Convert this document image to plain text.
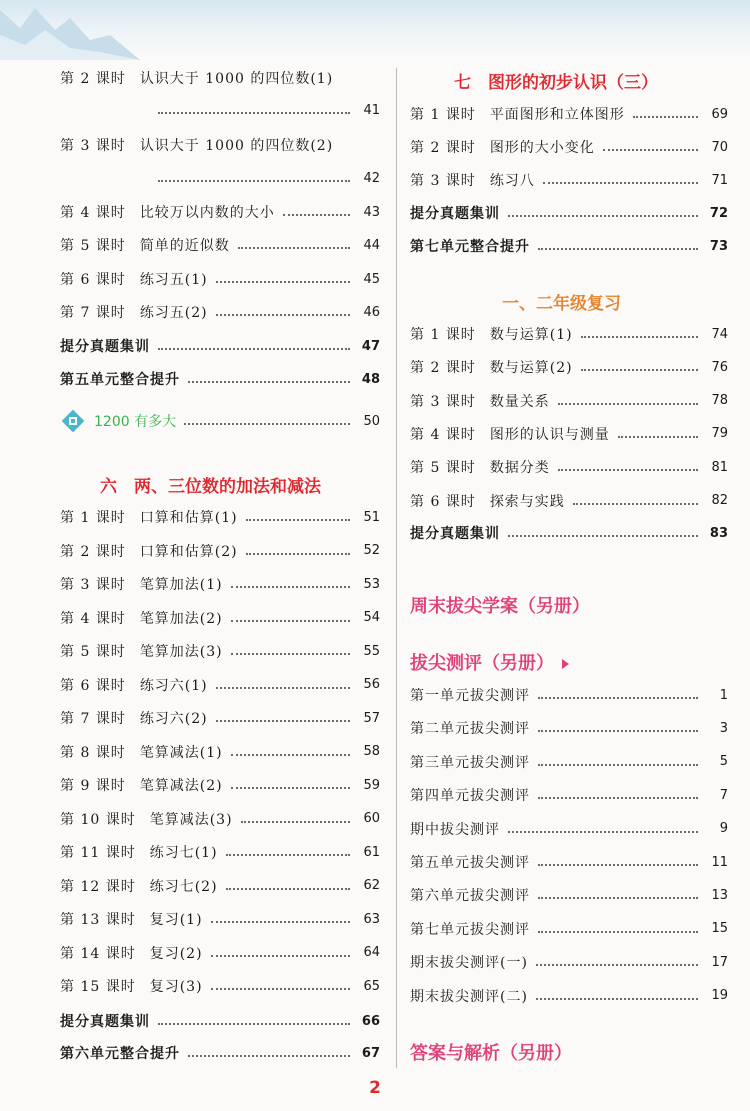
第 2 课时 认识大于 1000 的四位数(1)
41
第 3 课时 认识大于 1000 的四位数(2)
42
第 4 课时 比较万以内数的大小	43
第 5 课时 简单的近似数	44
第 6 课时 练习五(1)	45
第 7 课时 练习五(2)	46
提分真题集训	47
第五单元整合提升	48
1200 有多大	50
六　两、三位数的加法和减法
第 1 课时 口算和估算(1)	51
第 2 课时 口算和估算(2)	52
第 3 课时 笔算加法(1)	53
第 4 课时 笔算加法(2)	54
第 5 课时 笔算加法(3)	55
第 6 课时 练习六(1)	56
第 7 课时 练习六(2)	57
第 8 课时 笔算减法(1)	58
第 9 课时 笔算减法(2)	59
第 10 课时 笔算减法(3)	60
第 11 课时 练习七(1)	61
第 12 课时 练习七(2)	62
第 13 课时 复习(1)	63
第 14 课时 复习(2)	64
第 15 课时 复习(3)	65
提分真题集训	66
第六单元整合提升	67
七　图形的初步认识（三）
第 1 课时 平面图形和立体图形	69
第 2 课时 图形的大小变化	70
第 3 课时 练习八	71
提分真题集训	72
第七单元整合提升	73
一、二年级复习
第 1 课时 数与运算(1)	74
第 2 课时 数与运算(2)	76
第 3 课时 数量关系	78
第 4 课时 图形的认识与测量	79
第 5 课时 数据分类	81
第 6 课时 探索与实践	82
提分真题集训	83
周末拔尖学案（另册）
拔尖测评（另册）
第一单元拔尖测评	1
第二单元拔尖测评	3
第三单元拔尖测评	5
第四单元拔尖测评	7
期中拔尖测评	9
第五单元拔尖测评	11
第六单元拔尖测评	13
第七单元拔尖测评	15
期末拔尖测评(一)	17
期末拔尖测评(二)	19
答案与解析（另册）
2
